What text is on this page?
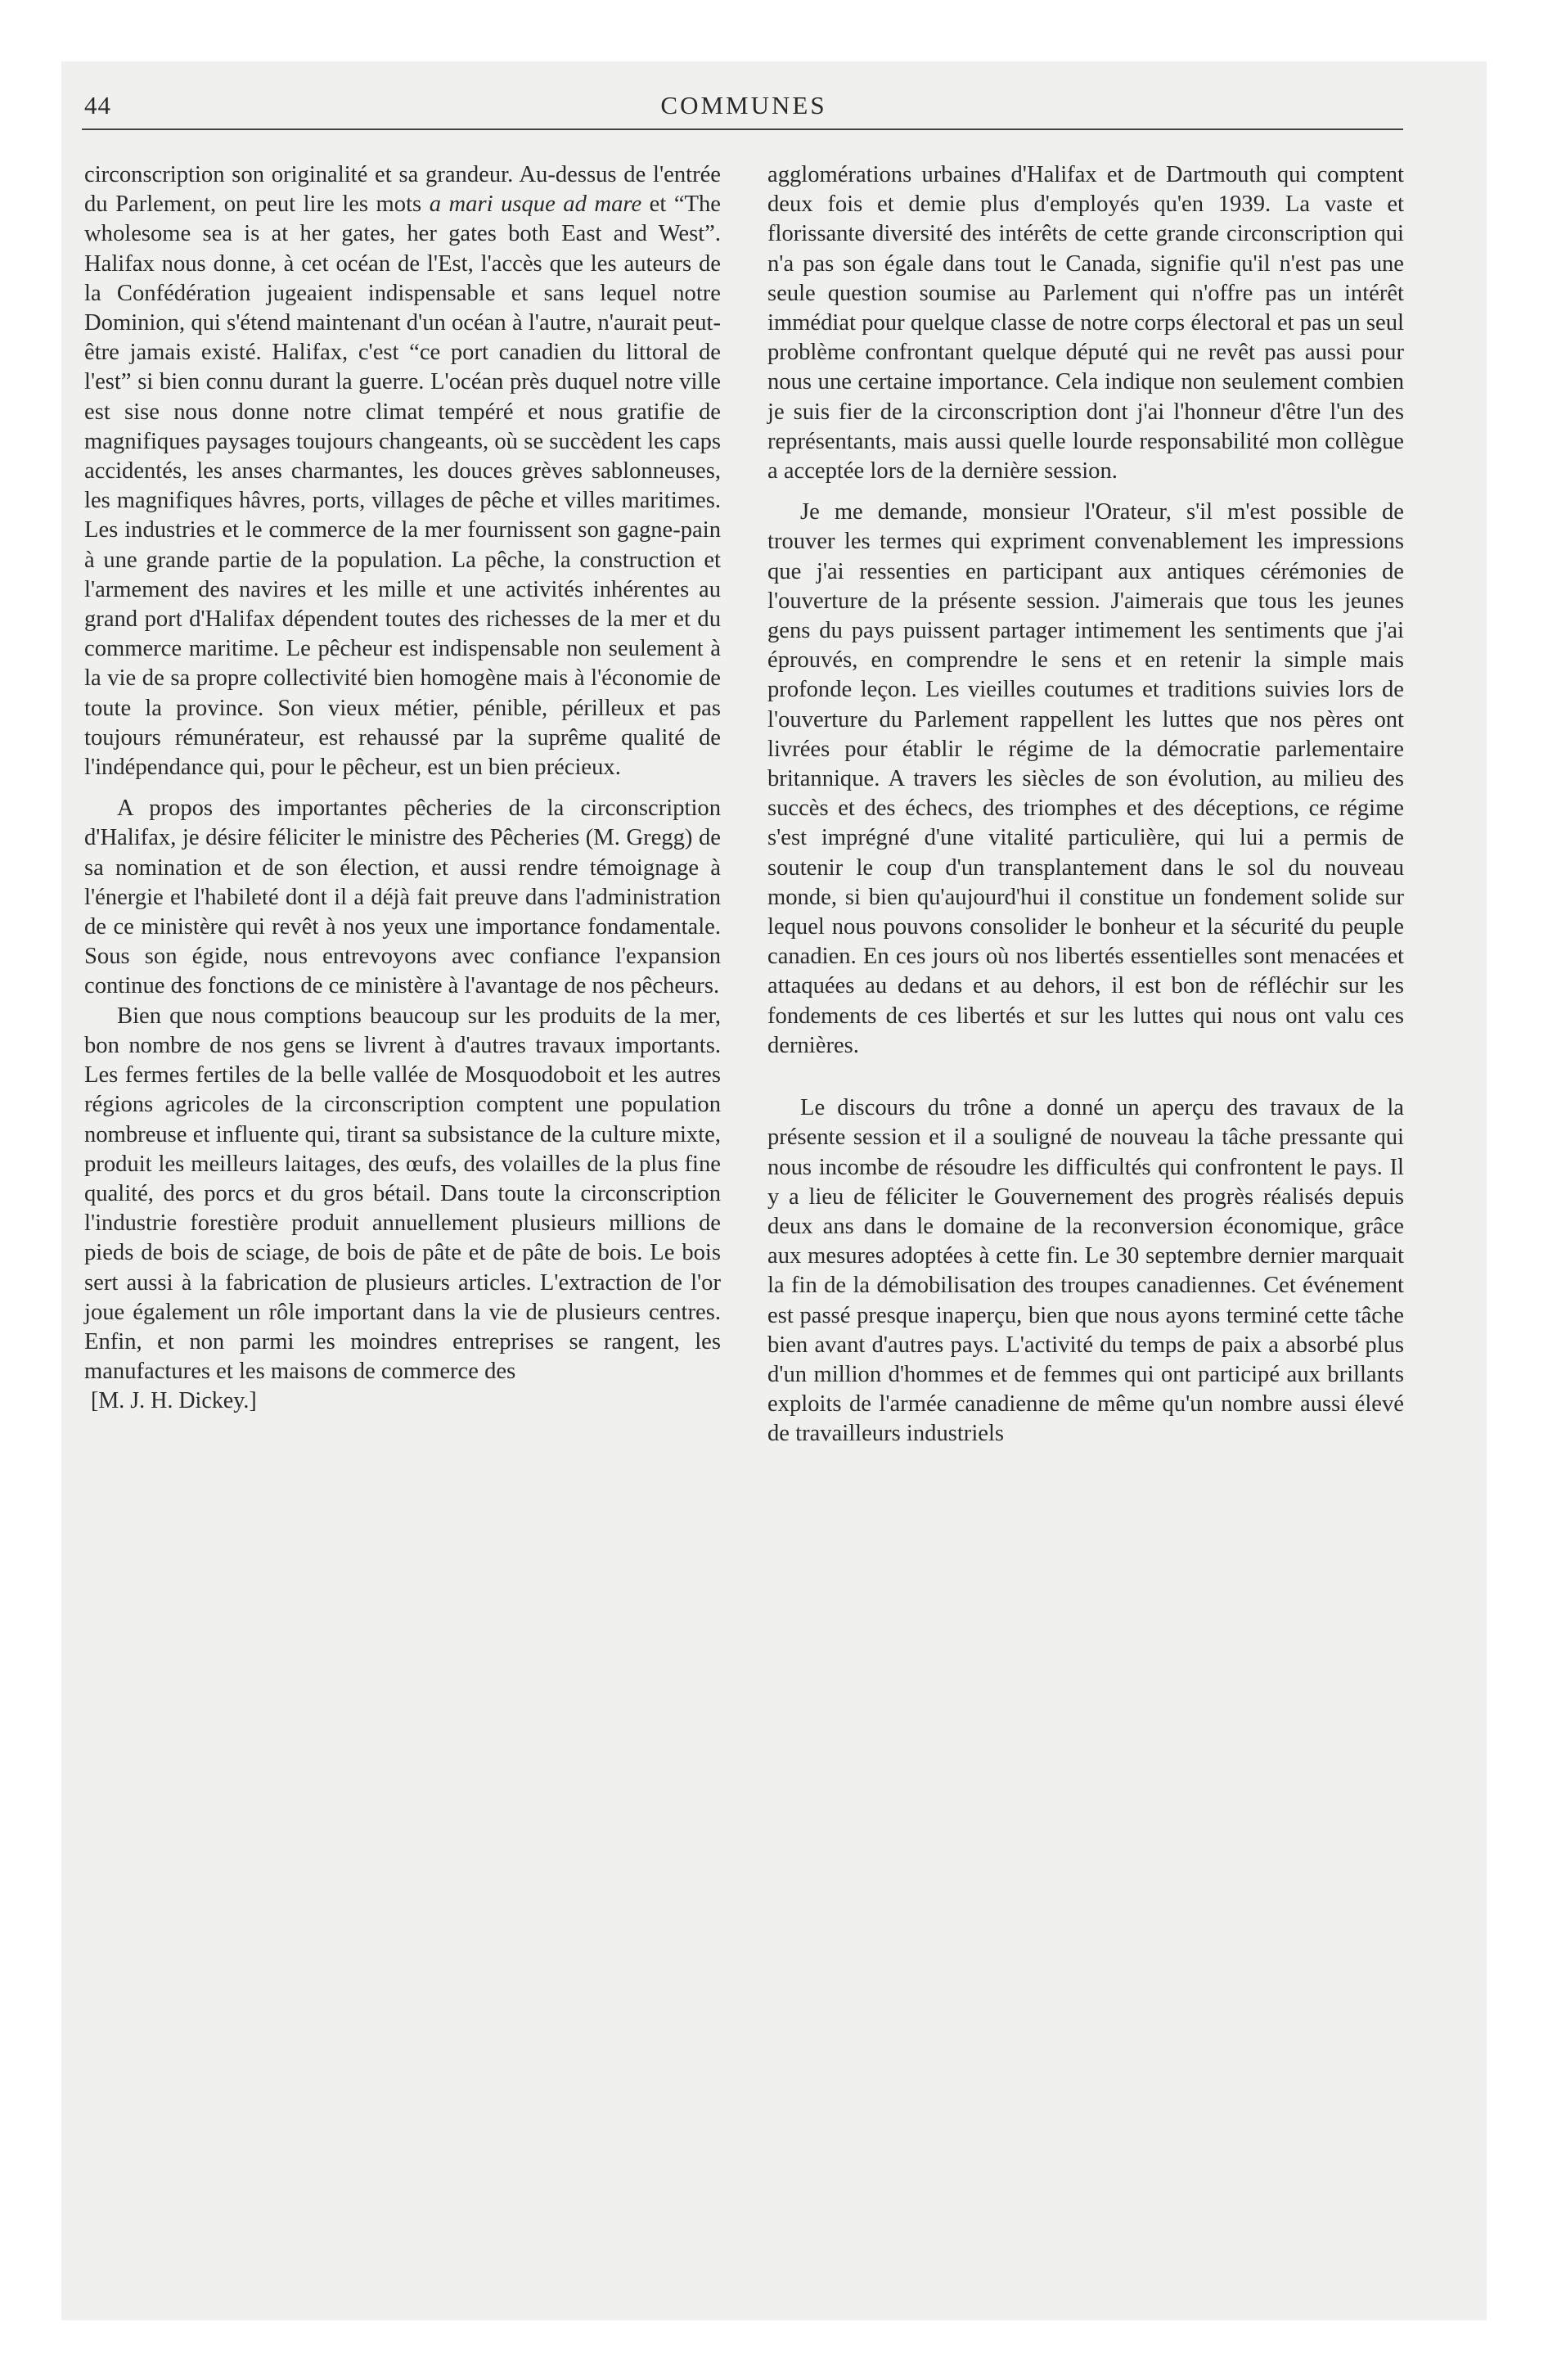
44	COMMUNES

circonscription son originalité et sa grandeur. Au-dessus de l'entrée du Parlement, on peut lire les mots a mari usque ad mare et “The wholesome sea is at her gates, her gates both East and West”. Halifax nous donne, à cet océan de l'Est, l'accès que les auteurs de la Confédération jugeaient indispensable et sans lequel notre Dominion, qui s'étend maintenant d'un océan à l'autre, n'aurait peut-être jamais existé. Halifax, c'est “ce port canadien du littoral de l'est” si bien connu durant la guerre. L'océan près duquel notre ville est sise nous donne notre climat tempéré et nous gratifie de magnifiques paysages toujours changeants, où se succèdent les caps accidentés, les anses charmantes, les douces grèves sablonneuses, les magnifiques hâvres, ports, villages de pêche et villes maritimes. Les industries et le commerce de la mer fournissent son gagne-pain à une grande partie de la population. La pêche, la construction et l'armement des navires et les mille et une activités inhérentes au grand port d'Halifax dépendent toutes des richesses de la mer et du commerce maritime. Le pêcheur est indispensable non seulement à la vie de sa propre collectivité bien homogène mais à l'économie de toute la province. Son vieux métier, pénible, périlleux et pas toujours rémunérateur, est rehaussé par la suprême qualité de l'indépendance qui, pour le pêcheur, est un bien précieux.

A propos des importantes pêcheries de la circonscription d'Halifax, je désire féliciter le ministre des Pêcheries (M. Gregg) de sa nomination et de son élection, et aussi rendre témoignage à l'énergie et l'habileté dont il a déjà fait preuve dans l'administration de ce ministère qui revêt à nos yeux une importance fondamentale. Sous son égide, nous entrevoyons avec confiance l'expansion continue des fonctions de ce ministère à l'avantage de nos pêcheurs.

Bien que nous comptions beaucoup sur les produits de la mer, bon nombre de nos gens se livrent à d'autres travaux importants. Les fermes fertiles de la belle vallée de Mosquodoboit et les autres régions agricoles de la circonscription comptent une population nombreuse et influente qui, tirant sa subsistance de la culture mixte, produit les meilleurs laitages, des œufs, des volailles de la plus fine qualité, des porcs et du gros bétail. Dans toute la circonscription l'industrie forestière produit annuellement plusieurs millions de pieds de bois de sciage, de bois de pâte et de pâte de bois. Le bois sert aussi à la fabrication de plusieurs articles. L'extraction de l'or joue également un rôle important dans la vie de plusieurs centres. Enfin, et non parmi les moindres entreprises se rangent, les manufactures et les maisons de commerce des

[M. J. H. Dickey.]

agglomérations urbaines d'Halifax et de Dartmouth qui comptent deux fois et demie plus d'employés qu'en 1939. La vaste et florissante diversité des intérêts de cette grande circonscription qui n'a pas son égale dans tout le Canada, signifie qu'il n'est pas une seule question soumise au Parlement qui n'offre pas un intérêt immédiat pour quelque classe de notre corps électoral et pas un seul problème confrontant quelque député qui ne revêt pas aussi pour nous une certaine importance. Cela indique non seulement combien je suis fier de la circonscription dont j'ai l'honneur d'être l'un des représentants, mais aussi quelle lourde responsabilité mon collègue a acceptée lors de la dernière session.

Je me demande, monsieur l'Orateur, s'il m'est possible de trouver les termes qui expriment convenablement les impressions que j'ai ressenties en participant aux antiques cérémonies de l'ouverture de la présente session. J'aimerais que tous les jeunes gens du pays puissent partager intimement les sentiments que j'ai éprouvés, en comprendre le sens et en retenir la simple mais profonde leçon. Les vieilles coutumes et traditions suivies lors de l'ouverture du Parlement rappellent les luttes que nos pères ont livrées pour établir le régime de la démocratie parlementaire britannique. A travers les siècles de son évolution, au milieu des succès et des échecs, des triomphes et des déceptions, ce régime s'est imprégné d'une vitalité particulière, qui lui a permis de soutenir le coup d'un transplantement dans le sol du nouveau monde, si bien qu'aujourd'hui il constitue un fondement solide sur lequel nous pouvons consolider le bonheur et la sécurité du peuple canadien. En ces jours où nos libertés essentielles sont menacées et attaquées au dedans et au dehors, il est bon de réfléchir sur les fondements de ces libertés et sur les luttes qui nous ont valu ces dernières.

Le discours du trône a donné un aperçu des travaux de la présente session et il a souligné de nouveau la tâche pressante qui nous incombe de résoudre les difficultés qui confrontent le pays. Il y a lieu de féliciter le Gouvernement des progrès réalisés depuis deux ans dans le domaine de la reconversion économique, grâce aux mesures adoptées à cette fin. Le 30 septembre dernier marquait la fin de la démobilisation des troupes canadiennes. Cet événement est passé presque inaperçu, bien que nous ayons terminé cette tâche bien avant d'autres pays. L'activité du temps de paix a absorbé plus d'un million d'hommes et de femmes qui ont participé aux brillants exploits de l'armée canadienne de même qu'un nombre aussi élevé de travailleurs industriels
